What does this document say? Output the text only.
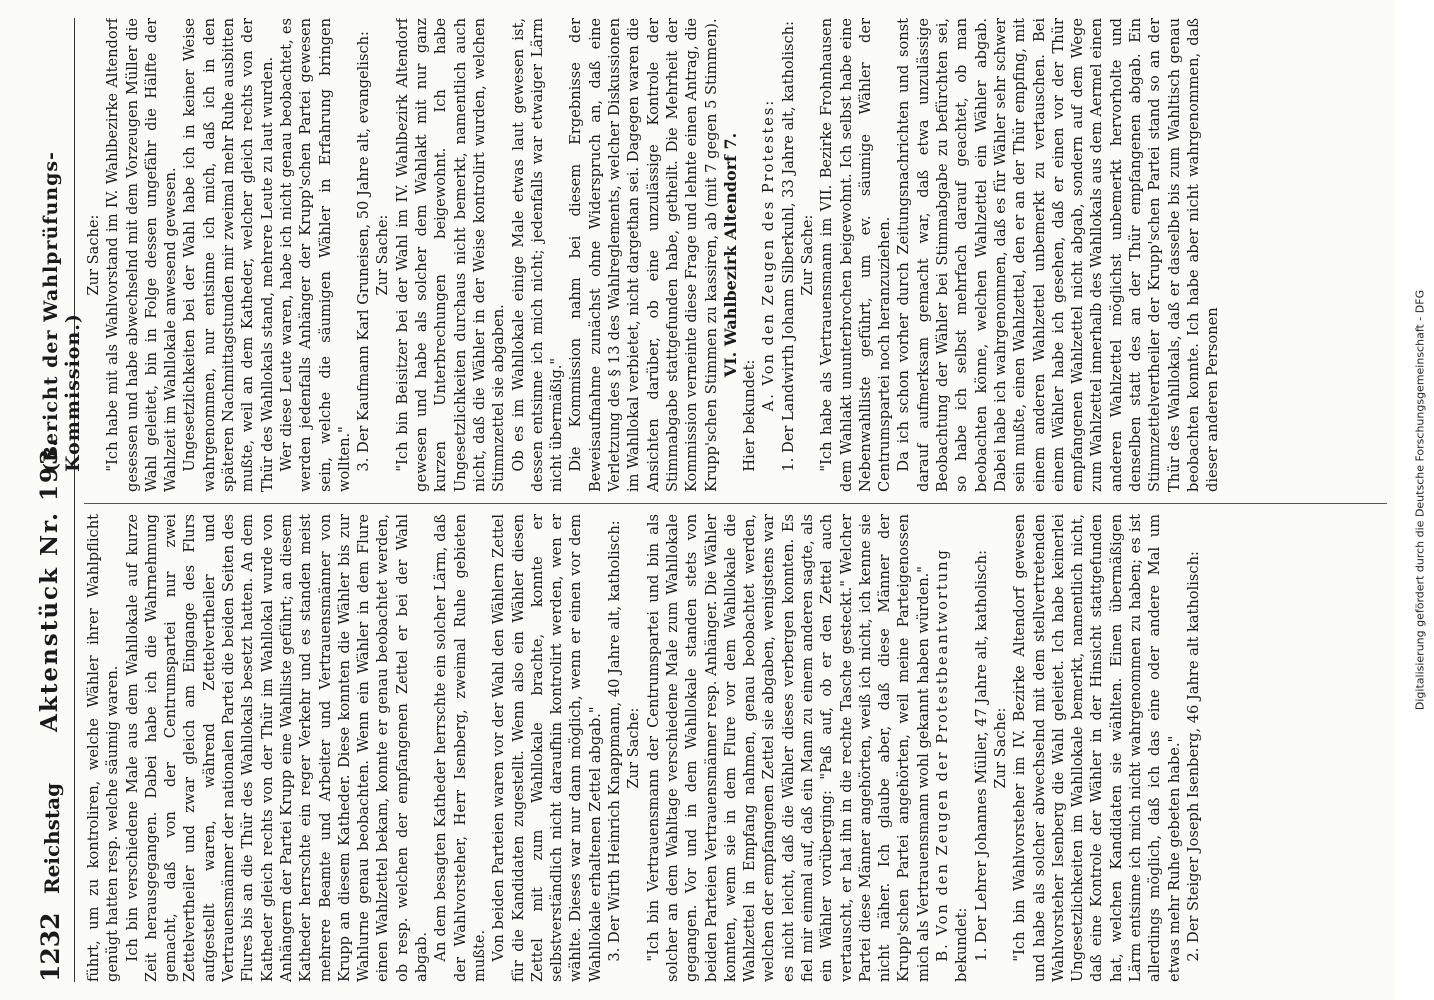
1232
Reichstag
Aktenstück Nr. 193.
(Bericht der Wahlprüfungs-Kommission.)

führt, um zu kontroliren, welche Wähler ihrer Wahlpflicht genügt hatten resp. welche säumig waren. Ich bin verschiedene Male aus dem Wahllokale auf kurze Zeit herausgegangen. Dabei habe ich die Wahrnehmung gemacht, daß von der Centrumspartei nur zwei Zettelvertheiler und zwar gleich am Eingange des Flurs aufgestellt waren, während Zettelvertheiler und Vertrauensmänner der nationalen Partei die beiden Seiten des Flures bis an die Thür des Wahllokals besetzt hatten. An dem Katheder gleich rechts von der Thür im Wahllokal wurde von Anhängern der Partei Krupp eine Wahlliste geführt; an diesem Katheder herrschte ein reger Verkehr und es standen meist mehrere Beamte und Arbeiter und Vertrauensmänner von Krupp an diesem Katheder. Diese konnten die Wähler bis zur Wahlurne genau beobachten. Wenn ein Wähler in dem Flure einen Wahlzettel bekam, konnte er genau beobachtet werden, ob resp. welchen der empfangenen Zettel er bei der Wahl abgab. An dem besagten Katheder herrschte ein solcher Lärm, daß der Wahlvorsteher, Herr Isenberg, zweimal Ruhe gebieten mußte. Von beiden Parteien waren vor der Wahl den Wählern Zettel für die Kandidaten zugestellt. Wenn also ein Wähler diesen Zettel mit zum Wahllokale brachte, konnte er selbstverständlich nicht daraufhin kontrolirt werden, wen er wählte. Dieses war nur dann möglich, wenn er einen vor dem Wahllokale erhaltenen Zettel abgab." 3. Der Wirth Heinrich Knappmann, 40 Jahre alt, katholisch: Zur Sache: "Ich bin Vertrauensmann der Centrumspartei und bin als solcher an dem Wahltage verschiedene Male zum Wahllokale gegangen. Vor und in dem Wahllokale standen stets von beiden Parteien Vertrauensmänner resp. Anhänger. Die Wähler konnten, wenn sie in dem Flure vor dem Wahllokale die Wahlzettel in Empfang nahmen, genau beobachtet werden, welchen der empfangenen Zettel sie abgaben, wenigstens war es nicht leicht, daß die Wähler dieses verbergen konnten. Es fiel mir einmal auf, daß ein Mann zu einem anderen sagte, als ein Wähler vorüberging: "Paß auf, ob er den Zettel auch vertauscht, er hat ihn in die rechte Tasche gesteckt." Welcher Partei diese Männer angehörten, weiß ich nicht, ich kenne sie nicht näher. Ich glaube aber, daß diese Männer der Krupp'schen Partei angehörten, weil meine Parteigenossen mich als Vertrauensmann wohl gekannt haben würden." B. Von den Zeugen der Protestbeantwortung bekundet: 1. Der Lehrer Johannes Müller, 47 Jahre alt, katholisch: Zur Sache: "Ich bin Wahlvorsteher im IV. Bezirke Altendorf gewesen und habe als solcher abwechselnd mit dem stellvertretenden Wahlvorsteher Isenberg die Wahl geleitet. Ich habe keinerlei Ungesetzlichkeiten im Wahllokale bemerkt, namentlich nicht, daß eine Kontrole der Wähler in der Hinsicht stattgefunden hat, welchen Kandidaten sie wählten. Einen übermäßigen Lärm entsinne ich mich nicht wahrgenommen zu haben; es ist allerdings möglich, daß ich das eine oder andere Mal um etwas mehr Ruhe gebeten habe." 2. Der Steiger Joseph Isenberg, 46 Jahre alt katholisch:

Zur Sache: "Ich habe mit als Wahlvorstand im IV. Wahlbezirke Altendorf gesessen und habe abwechselnd mit dem Vorzeugen Müller die Wahl geleitet, bin in Folge dessen ungefähr die Hälfte der Wahlzeit im Wahllokale anwesend gewesen. Ungesetzlichkeiten bei der Wahl habe ich in keiner Weise wahrgenommen, nur entsinne ich mich, daß ich in den späteren Nachmittagstunden mir zweimal mehr Ruhe ausbitten mußte, weil an dem Katheder, welcher gleich rechts von der Thür des Wahllokals stand, mehrere Leute zu laut wurden. Wer diese Leute waren, habe ich nicht genau beobachtet, es werden jedenfalls Anhänger der Krupp'schen Partei gewesen sein, welche die säumigen Wähler in Erfahrung bringen wollten." 3. Der Kaufmann Karl Gruneisen, 50 Jahre alt, evangelisch: Zur Sache: "Ich bin Beisitzer bei der Wahl im IV. Wahlbezirk Altendorf gewesen und habe als solcher dem Wahlakt mit nur ganz kurzen Unterbrechungen beigewohnt. Ich habe Ungesetzlichkeiten durchaus nicht bemerkt, namentlich auch nicht, daß die Wähler in der Weise kontrolirt wurden, welchen Stimmzettel sie abgaben. Ob es im Wahllokale einige Male etwas laut gewesen ist, dessen entsinne ich mich nicht; jedenfalls war etwaiger Lärm nicht übermäßig." Die Kommission nahm bei diesem Ergebnisse der Beweisaufnahme zunächst ohne Widerspruch an, daß eine Verletzung des § 13 des Wahlreglements, welcher Diskussionen im Wahllokal verbietet, nicht dargethan sei. Dagegen waren die Ansichten darüber, ob eine unzulässige Kontrole der Stimmabgabe stattgefunden habe, getheilt. Die Mehrheit der Kommission verneinte diese Frage und lehnte einen Antrag, die Krupp'schen Stimmen zu kassiren, ab (mit 7 gegen 5 Stimmen). VI. Wahlbezirk Altendorf 7.

Hier bekundet:

A. Von den Zeugen des Protestes: 1. Der Landwirth Johann Silberkuhl, 33 Jahre alt, katholisch: Zur Sache: "Ich habe als Vertrauensmann im VII. Bezirke Frohnhausen dem Wahlakt ununterbrochen beigewohnt. Ich selbst habe eine Nebenwahlliste geführt, um ev. säumige Wähler der Centrumspartei noch heranzuziehen. Da ich schon vorher durch Zeitungsnachrichten und sonst darauf aufmerksam gemacht war, daß etwa unzulässige Beobachtung der Wähler bei Stimmabgabe zu befürchten sei, so habe ich selbst mehrfach darauf geachtet, ob man beobachten könne, welchen Wahlzettel ein Wähler abgab. Dabei habe ich wahrgenommen, daß es für Wähler sehr schwer sein mußte, einen Wahlzettel, den er an der Thür empfing, mit einem anderen Wahlzettel unbemerkt zu vertauschen. Bei einem Wähler habe ich gesehen, daß er einen vor der Thür empfangenen Wahlzettel nicht abgab, sondern auf dem Wege zum Wahlzettel innerhalb des Wahllokals aus dem Aermel einen anderen Wahlzettel möglichst unbemerkt hervorholte und denselben statt des an der Thür empfangenen abgab. Ein Stimmzettelvertheiler der Krupp'schen Partei stand so an der Thür des Wahllokals, daß er dasselbe bis zum Wahltisch genau beobachten konnte. Ich habe aber nicht wahrgenommen, daß dieser anderen Personen	Digitalisierung gefördert durch die Deutsche Forschungsgemeinschaft - DFG
